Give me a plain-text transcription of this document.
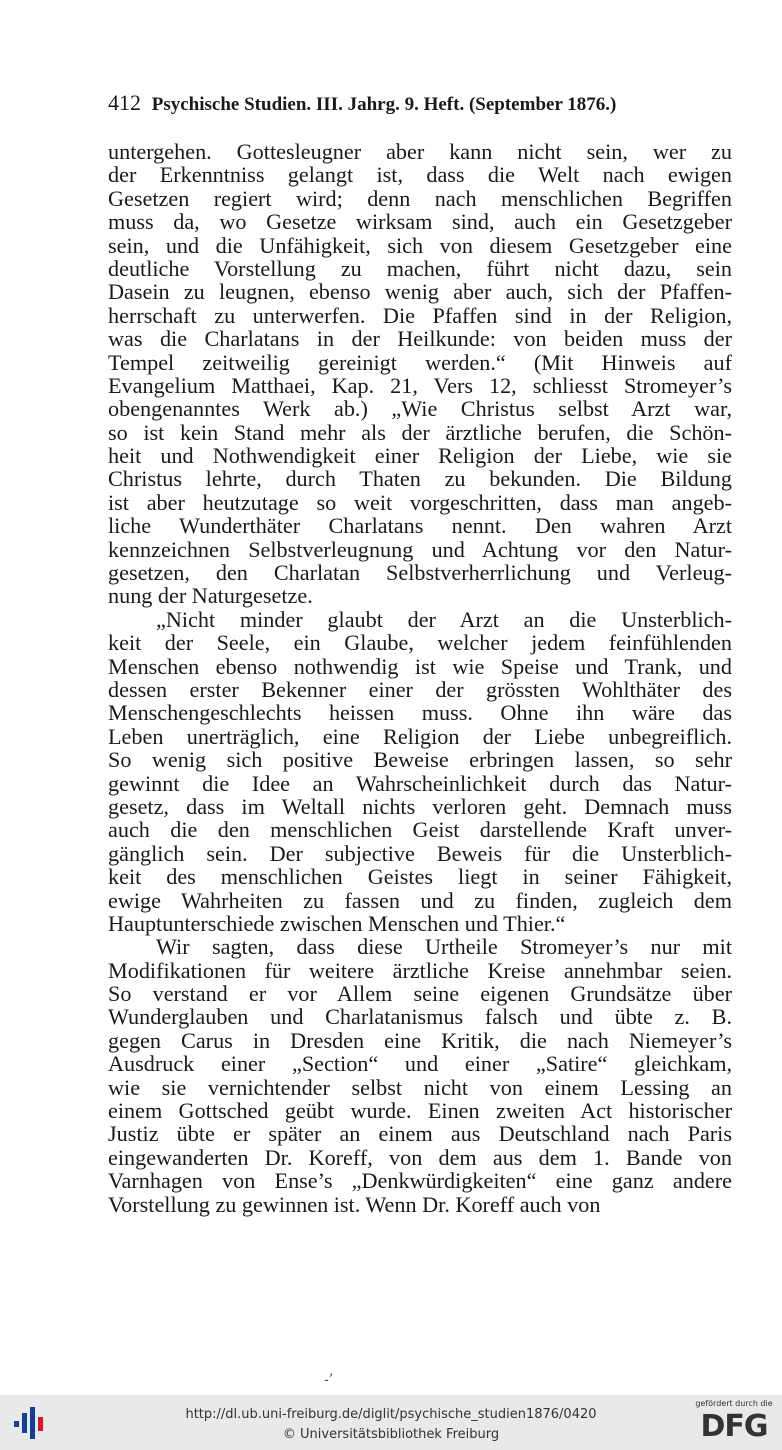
412 Psychische Studien. III. Jahrg. 9. Heft. (September 1876.)
untergehen. Gottesleugner aber kann nicht sein, wer zu
der Erkenntniss gelangt ist, dass die Welt nach ewigen
Gesetzen regiert wird; denn nach menschlichen Begriffen
muss da, wo Gesetze wirksam sind, auch ein Gesetzgeber
sein, und die Unfähigkeit, sich von diesem Gesetzgeber eine
deutliche Vorstellung zu machen, führt nicht dazu, sein
Dasein zu leugnen, ebenso wenig aber auch, sich der Pfaffen-
herrschaft zu unterwerfen. Die Pfaffen sind in der Religion,
was die Charlatans in der Heilkunde: von beiden muss der
Tempel zeitweilig gereinigt werden.“ (Mit Hinweis auf
Evangelium Matthaei, Kap. 21, Vers 12, schliesst Stromeyer’s
obengenanntes Werk ab.) „Wie Christus selbst Arzt war,
so ist kein Stand mehr als der ärztliche berufen, die Schön-
heit und Nothwendigkeit einer Religion der Liebe, wie sie
Christus lehrte, durch Thaten zu bekunden. Die Bildung
ist aber heutzutage so weit vorgeschritten, dass man angeb-
liche Wunderthäter Charlatans nennt. Den wahren Arzt
kennzeichnen Selbstverleugnung und Achtung vor den Natur-
gesetzen, den Charlatan Selbstverherrlichung und Verleug-
nung der Naturgesetze.
„Nicht minder glaubt der Arzt an die Unsterblich-
keit der Seele, ein Glaube, welcher jedem feinfühlenden
Menschen ebenso nothwendig ist wie Speise und Trank, und
dessen erster Bekenner einer der grössten Wohlthäter des
Menschengeschlechts heissen muss. Ohne ihn wäre das
Leben unerträglich, eine Religion der Liebe unbegreiflich.
So wenig sich positive Beweise erbringen lassen, so sehr
gewinnt die Idee an Wahrscheinlichkeit durch das Natur-
gesetz, dass im Weltall nichts verloren geht. Demnach muss
auch die den menschlichen Geist darstellende Kraft unver-
gänglich sein. Der subjective Beweis für die Unsterblich-
keit des menschlichen Geistes liegt in seiner Fähigkeit,
ewige Wahrheiten zu fassen und zu finden, zugleich dem
Hauptunterschiede zwischen Menschen und Thier.“
Wir sagten, dass diese Urtheile Stromeyer’s nur mit
Modifikationen für weitere ärztliche Kreise annehmbar seien.
So verstand er vor Allem seine eigenen Grundsätze über
Wunderglauben und Charlatanismus falsch und übte z. B.
gegen Carus in Dresden eine Kritik, die nach Niemeyer’s
Ausdruck einer „Section“ und einer „Satire“ gleichkam,
wie sie vernichtender selbst nicht von einem Lessing an
einem Gottsched geübt wurde. Einen zweiten Act historischer
Justiz übte er später an einem aus Deutschland nach Paris
eingewanderten Dr. Koreff, von dem aus dem 1. Bande von
Varnhagen von Ense’s „Denkwürdigkeiten“ eine ganz andere
Vorstellung zu gewinnen ist. Wenn Dr. Koreff auch von
-’
http://dl.ub.uni-freiburg.de/diglit/psychische_studien1876/0420
© Universitätsbibliothek Freiburg
gefördert durch die
DFG
